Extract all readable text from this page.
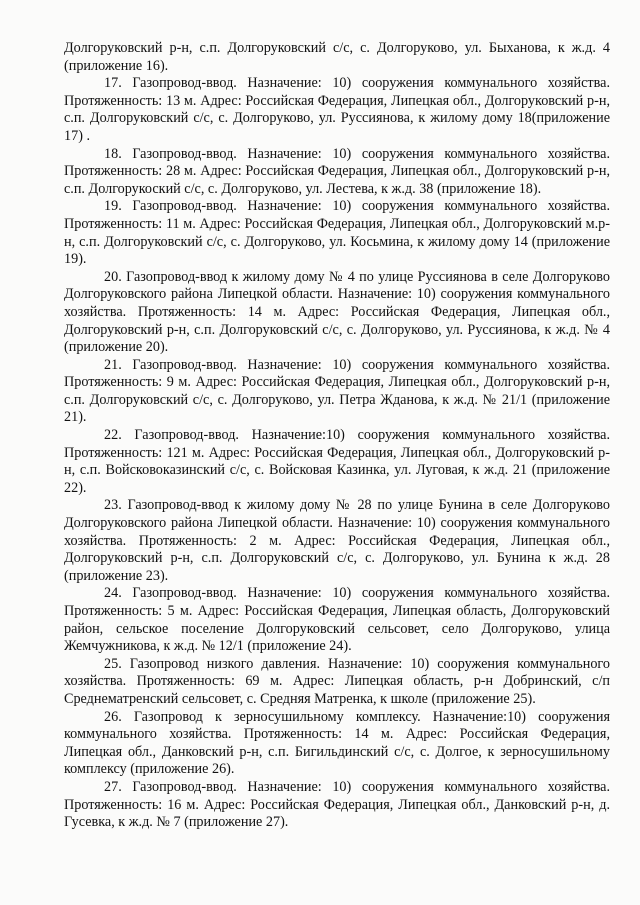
Долгоруковский р-н, с.п. Долгоруковский с/с, с. Долгоруково, ул. Быханова, к ж.д. 4 (приложение 16).

17. Газопровод-ввод. Назначение: 10) сооружения коммунального хозяйства. Протяженность: 13 м. Адрес: Российская Федерация, Липецкая обл., Долгоруковский р-н, с.п. Долгоруковский с/с, с. Долгоруково, ул. Руссиянова, к жилому дому 18(приложение 17) .

18. Газопровод-ввод. Назначение: 10) сооружения коммунального хозяйства. Протяженность: 28 м. Адрес: Российская Федерация, Липецкая обл., Долгоруковский р-н, с.п. Долгорукоский с/с, с. Долгоруково, ул. Лестева, к ж.д. 38 (приложение 18).

19. Газопровод-ввод. Назначение: 10) сооружения коммунального хозяйства. Протяженность: 11 м. Адрес: Российская Федерация, Липецкая обл., Долгоруковский м.р-н, с.п. Долгоруковский с/с, с. Долгоруково, ул. Косьмина, к жилому дому 14 (приложение 19).

20. Газопровод-ввод к жилому дому № 4 по улице Руссиянова в селе Долгоруково Долгоруковского района Липецкой области. Назначение: 10) сооружения коммунального хозяйства. Протяженность: 14 м. Адрес: Российская Федерация, Липецкая обл., Долгоруковский р-н, с.п. Долгоруковский с/с, с. Долгоруково, ул. Руссиянова, к ж.д. № 4 (приложение 20).

21. Газопровод-ввод. Назначение: 10) сооружения коммунального хозяйства. Протяженность: 9 м. Адрес: Российская Федерация, Липецкая обл., Долгоруковский р-н, с.п. Долгоруковский с/с, с. Долгоруково, ул. Петра Жданова, к ж.д. № 21/1 (приложение 21).

22. Газопровод-ввод. Назначение:10) сооружения коммунального хозяйства. Протяженность: 121 м. Адрес: Российская Федерация, Липецкая обл., Долгоруковский р-н, с.п. Войсковоказинский с/с, с. Войсковая Казинка, ул. Луговая, к ж.д. 21 (приложение 22).

23. Газопровод-ввод к жилому дому № 28 по улице Бунина в селе Долгоруково Долгоруковского района Липецкой области. Назначение: 10) сооружения коммунального хозяйства. Протяженность: 2 м. Адрес: Российская Федерация, Липецкая обл., Долгоруковский р-н, с.п. Долгоруковский с/с, с. Долгоруково, ул. Бунина к ж.д. 28 (приложение 23).

24. Газопровод-ввод. Назначение: 10) сооружения коммунального хозяйства. Протяженность: 5 м. Адрес: Российская Федерация, Липецкая область, Долгоруковский район, сельское поселение Долгоруковский сельсовет, село Долгоруково, улица Жемчужникова, к ж.д. № 12/1 (приложение 24).

25. Газопровод низкого давления. Назначение: 10) сооружения коммунального хозяйства. Протяженность: 69 м. Адрес: Липецкая область, р-н Добринский, с/п Среднематренский сельсовет, с. Средняя Матренка, к школе (приложение 25).

26. Газопровод к зерносушильному комплексу. Назначение:10) сооружения коммунального хозяйства. Протяженность: 14 м. Адрес: Российская Федерация, Липецкая обл., Данковский р-н, с.п. Бигильдинский с/с, с. Долгое, к зерносушильному комплексу (приложение 26).

27. Газопровод-ввод. Назначение: 10) сооружения коммунального хозяйства. Протяженность: 16 м. Адрес: Российская Федерация, Липецкая обл., Данковский р-н, д. Гусевка, к ж.д. № 7 (приложение 27).
